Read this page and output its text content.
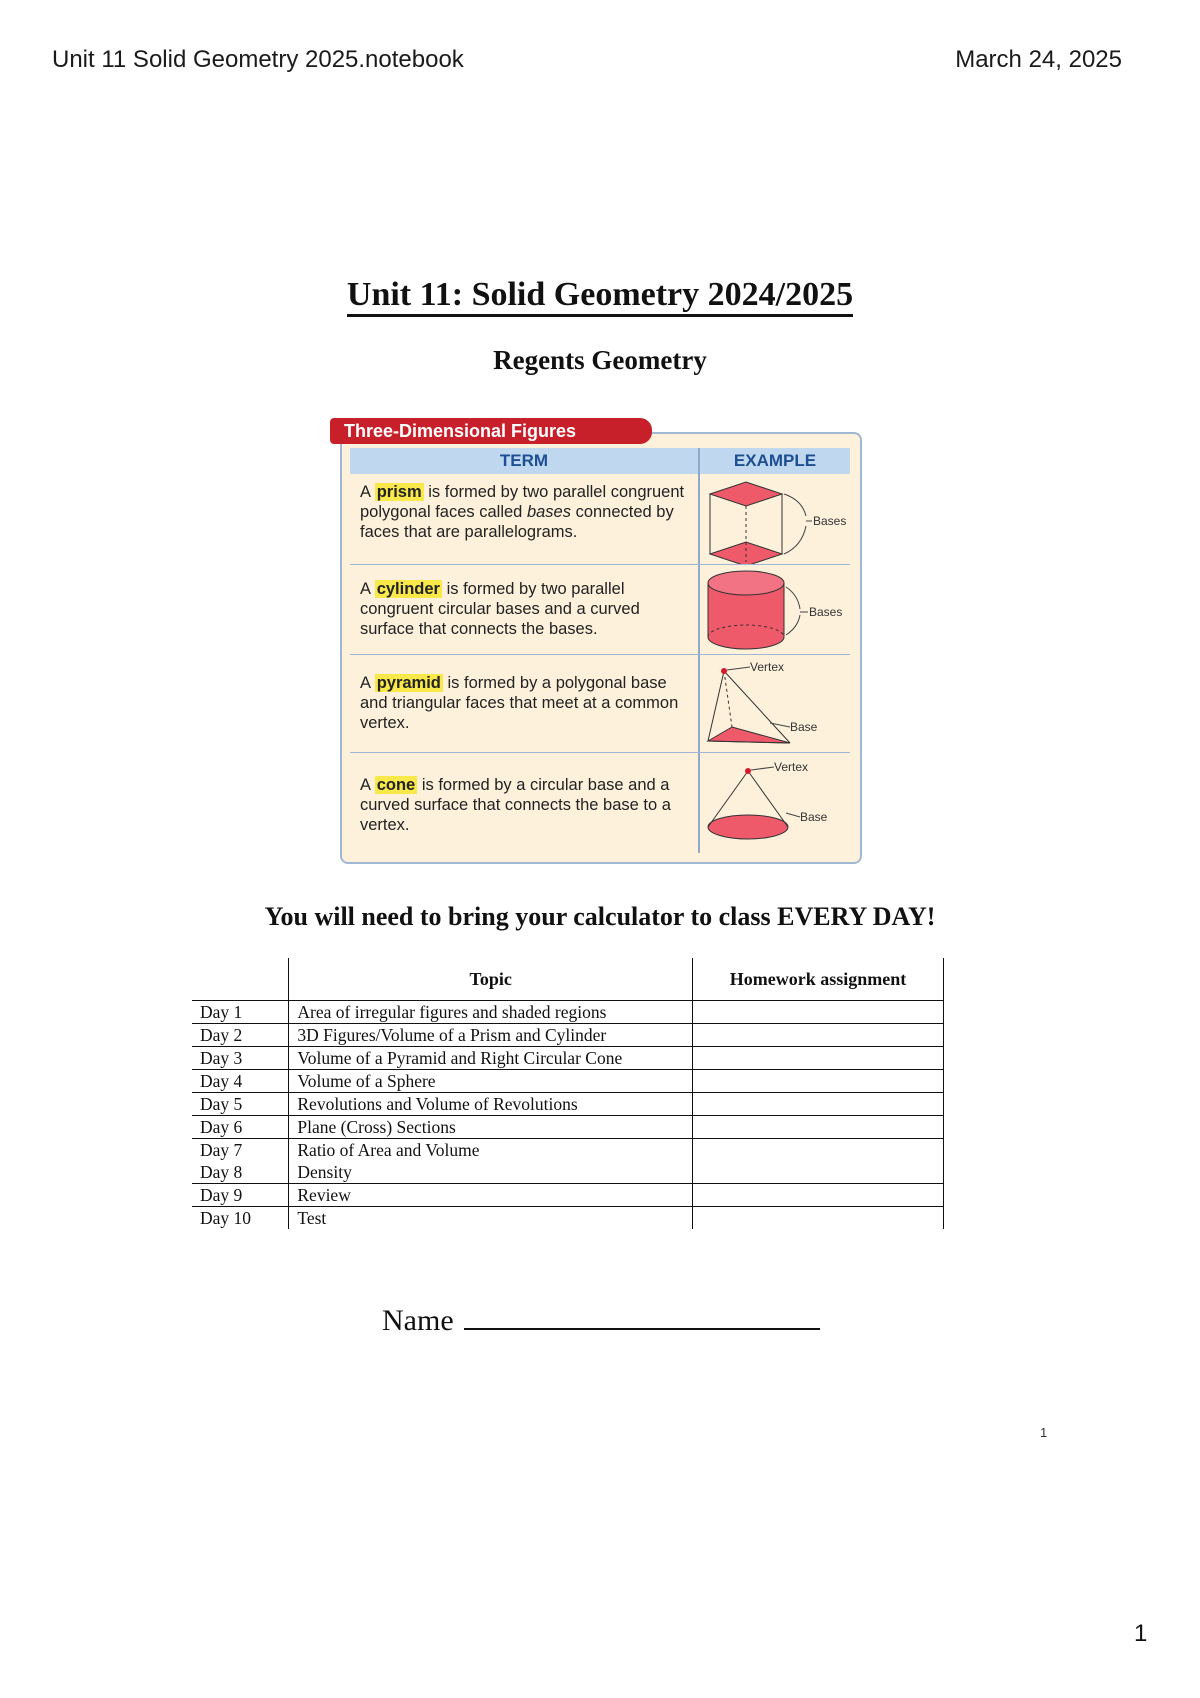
Unit 11 Solid Geometry 2025.notebook	March 24, 2025
Unit 11: Solid Geometry 2024/2025
Regents Geometry
TERM	EXAMPLE
A prism is formed by two parallel congruent polygonal faces called bases connected by faces that are parallelograms.
Bases
A cylinder is formed by two parallel congruent circular bases and a curved surface that connects the bases.
Bases
A pyramid is formed by a polygonal base and triangular faces that meet at a common vertex.
Vertex
Base
A cone is formed by a circular base and a curved surface that connects the base to a vertex.
Vertex
Base
Three-Dimensional Figures
You will need to bring your calculator to class EVERY DAY!
	Topic	Homework assignment
Day 1	Area of irregular figures and shaded regions	
Day 2	3D Figures/Volume of a Prism and Cylinder	
Day 3	Volume of a Pyramid and Right Circular Cone	
Day 4	Volume of a Sphere	
Day 5	Revolutions and Volume of Revolutions	
Day 6	Plane (Cross) Sections	
Day 7	Ratio of Area and Volume	
Day 8	Density	
Day 9	Review	
Day 10	Test	
Name
1
1
